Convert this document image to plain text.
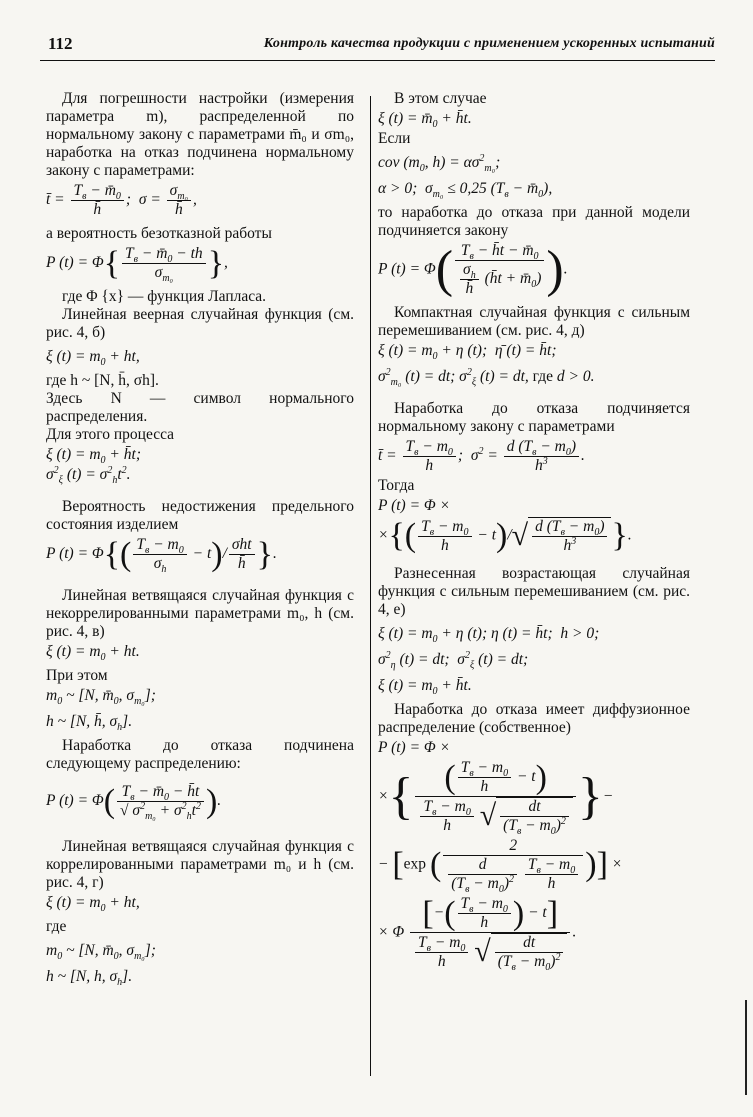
112	Контроль качества продукции с применением ускоренных испытаний

Для погрешности настройки (измерения параметра m), распределенной по нормальному закону с параметрами m̄₀ и σm₀, наработка на отказ подчинена нормальному закону с параметрами:

t̄ = $\frac{T_в - m̄_0}{h̄}$ ;  $\sigma = \frac{\sigma_{m_0}}{h̄}$ ,

а вероятность безотказной работы

P $(t) = \Phi\{ \frac{T_в - m̄_0 - th}{\sigma_{m_0}}$ },

где Φ {x} — функция Лапласа.

Линейная веерная случайная функция (см. рис. 4, б)

ξ $(t) = m_0$ + ht,

где h ~ [N, h̄, σh].

Здесь N — символ нормального распределения.

Для этого процесса

ξ $(t) = m_0$ + h̄t;
$\sigma^2_\xi$ $(t) = \sigma^2_ht^2$.

Вероятность недостижения предельного состояния изделием

P $(t) = \Phi\{( \frac{T_в - m_0}{\sigma_h} - t)/ \frac{\text{σht}}{h̄}$ }.

Линейная ветвящаяся случайная функция с некоррелированными параметрами m₀, h (см. рис. 4, в)

ξ $(t) = m_0$ + ht.

При этом

$m_0$ ~ [N, $m̄_0$, $\sigma_{m_0}$];
h ~ [N, h̄, $\sigma_h$].

Наработка до отказа подчинена следующему распределению:

P $(t) = \Phi( \frac{T_в - m̄_0 - h̄t}{√ \sigma^2_{m_0} + \sigma^2_ht^2}$ ).

Линейная ветвящаяся случайная функция с коррелированными параметрами m₀ и h (см. рис. 4, г)

ξ $(t) = m_0$ + ht,

где

$m_0$ ~ [N, $m̄_0$, $\sigma_{m_0}$];
h ~ [N, h, $\sigma_h$].

В этом случае

ξ $(t) = m̄_0$ + h̄t.

Если

cov ($m_0$, $h) = \alpha\sigma^2_{m_0}$;
α > 0;  $\sigma_{m_0} \le 0,25$ ($T_в$ − $m̄_0$),

то наработка до отказа при данной модели подчиняется закону

P $(t) = \Phi( \frac{T_в - h̄t - m̄_0}{\frac{\sigma_h}{h̄} (h̄t + m̄_0)}$ ).

Компактная случайная функция с сильным перемешиванием (см. рис. 4, д)

ξ $(t) = m_0 + \eta$ (t);  η̄ (t) = h̄t;
$\sigma^2_{m_0}$ (t) = dt; $\sigma^2_\xi$ (t) = dt, где d > 0.

Наработка до отказа подчиняется нормальному закону с параметрами

t̄ = $\frac{T_в - m_0}{h}$ ;  $\sigma^2 = \frac{d (T_в - m_0)}{h^3}$ .

Тогда

P (t) = Φ ×
×{( $\frac{T_в - m_0}{h} - t)/√ \frac{d (T_в - m_0)}{h^3}$ }.

Разнесенная возрастающая случайная функция с сильным перемешиванием (см. рис. 4, е)

ξ $(t) = m_0 + \eta$ (t); η (t) = h̄t;  h > 0;
$\sigma^2_\eta$ (t) = dt;  $\sigma^2_\xi$ (t) = dt;
ξ $(t) = m_0$ + h̄t.

Наработка до отказа имеет диффузионное распределение (собственное)

P (t) = Φ ×
×{ $\frac{( \frac{T_в - m_0}{h} - t)}{\frac{T_в - m_0}{h} √ \frac{dt}{(T_в - m_0)^2}}$ }−
− [exp ( 2
$\frac{d}{(T_в - m_0)^2}$
$\frac{T_в - m_0}{h}$ )] ×
× Φ $\frac{[-( \frac{T_в - m_0}{h} ) - t]}{\frac{T_в - m_0}{h} √ \frac{dt}{(T_в - m_0)^2}}$ .
